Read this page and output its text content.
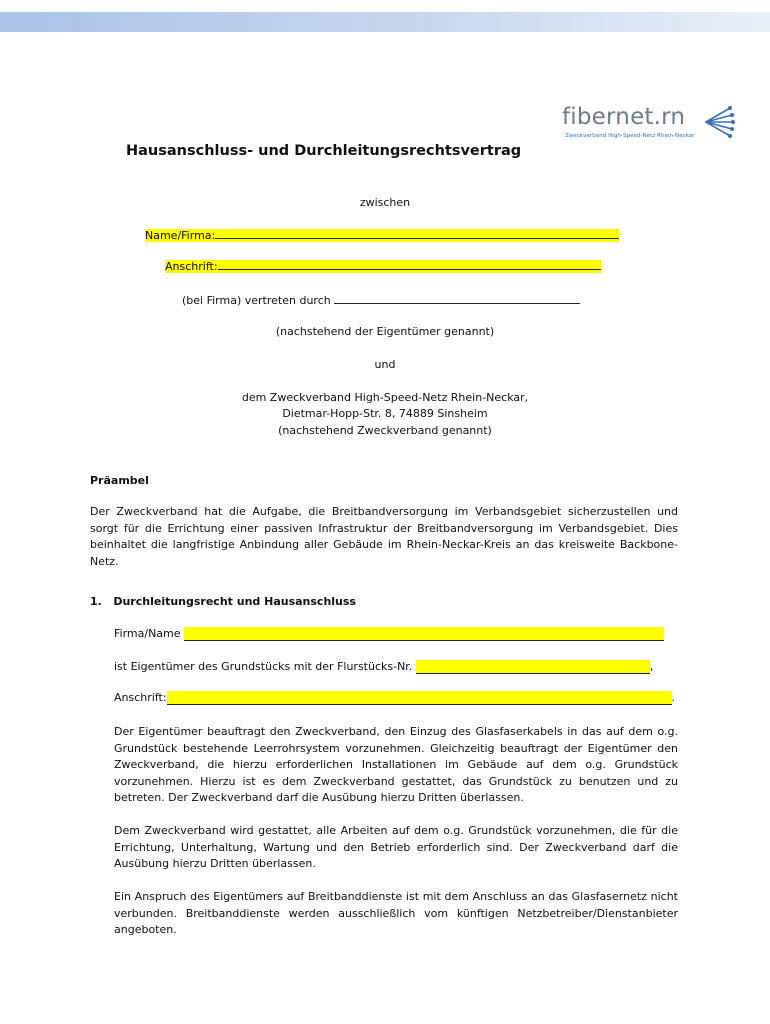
fibernet.rn
Zweckverband High-Speed-Netz Rhein-Neckar
Hausanschluss- und Durchleitungsrechtsvertrag
zwischen
Name/Firma:
Anschrift:
(bei Firma) vertreten durch
(nachstehend der Eigentümer genannt)
und
dem Zweckverband High-Speed-Netz Rhein-Neckar,
Dietmar-Hopp-Str. 8, 74889 Sinsheim
(nachstehend Zweckverband genannt)
Präambel
Der Zweckverband hat die Aufgabe, die Breitbandversorgung im Verbandsgebiet sicherzustellen und sorgt für die Errichtung einer passiven Infrastruktur der Breitbandversorgung im Verbandsgebiet. Dies beinhaltet die langfristige Anbindung aller Gebäude im Rhein-Neckar-Kreis an das kreisweite Backbone-Netz.
1. Durchleitungsrecht und Hausanschluss
Firma/Name
ist Eigentümer des Grundstücks mit der Flurstücks-Nr.	,
Anschrift:	.
Der Eigentümer beauftragt den Zweckverband, den Einzug des Glasfaserkabels in das auf dem o.g. Grundstück bestehende Leerrohrsystem vorzunehmen. Gleichzeitig beauftragt der Eigentümer den Zweckverband, die hierzu erforderlichen Installationen im Gebäude auf dem o.g. Grundstück vorzunehmen. Hierzu ist es dem Zweckverband gestattet, das Grundstück zu benutzen und zu betreten. Der Zweckverband darf die Ausübung hierzu Dritten überlassen.
Dem Zweckverband wird gestattet, alle Arbeiten auf dem o.g. Grundstück vorzunehmen, die für die Errichtung, Unterhaltung, Wartung und den Betrieb erforderlich sind. Der Zweckverband darf die Ausübung hierzu Dritten überlassen.
Ein Anspruch des Eigentümers auf Breitbanddienste ist mit dem Anschluss an das Glasfasernetz nicht verbunden. Breitbanddienste werden ausschließlich vom künftigen Netzbetreiber/Dienstanbieter angeboten.
